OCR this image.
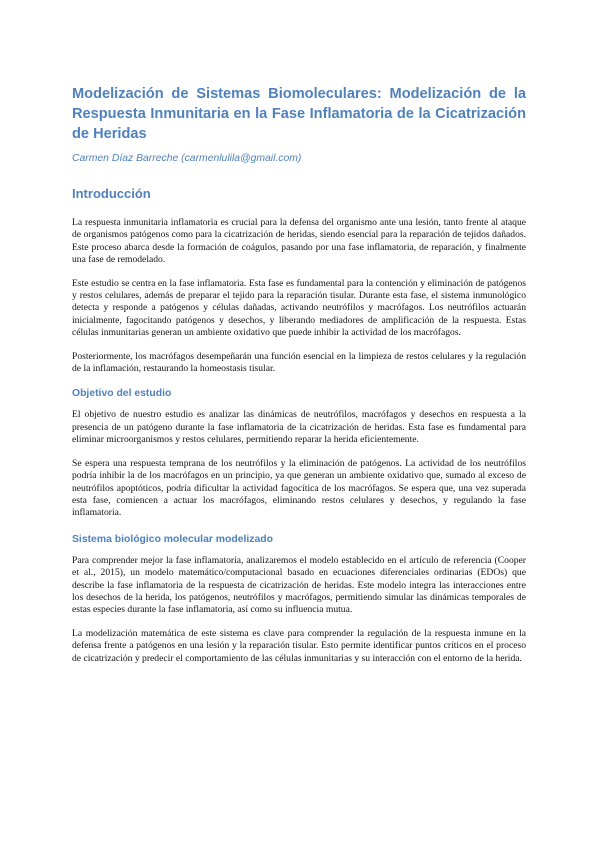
Modelización de Sistemas Biomoleculares: Modelización de la Respuesta Inmunitaria en la Fase Inflamatoria de la Cicatrización de Heridas
Carmen Díaz Barreche (carmenlulila@gmail.com)
Introducción

La respuesta inmunitaria inflamatoria es crucial para la defensa del organismo ante una lesión, tanto frente al ataque de organismos patógenos como para la cicatrización de heridas, siendo esencial para la reparación de tejidos dañados. Este proceso abarca desde la formación de coágulos, pasando por una fase inflamatoria, de reparación, y finalmente una fase de remodelado.

Este estudio se centra en la fase inflamatoria. Esta fase es fundamental para la contención y eliminación de patógenos y restos celulares, además de preparar el tejido para la reparación tisular. Durante esta fase, el sistema inmunológico detecta y responde a patógenos y células dañadas, activando neutrófilos y macrófagos. Los neutrófilos actuarán inicialmente, fagocitando patógenos y desechos, y liberando mediadores de amplificación de la respuesta. Estas células inmunitarias generan un ambiente oxidativo que puede inhibir la actividad de los macrófagos.

Posteriormente, los macrófagos desempeñarán una función esencial en la limpieza de restos celulares y la regulación de la inflamación, restaurando la homeostasis tisular.

Objetivo del estudio

El objetivo de nuestro estudio es analizar las dinámicas de neutrófilos, macrófagos y desechos en respuesta a la presencia de un patógeno durante la fase inflamatoria de la cicatrización de heridas. Esta fase es fundamental para eliminar microorganismos y restos celulares, permitiendo reparar la herida eficientemente.

Se espera una respuesta temprana de los neutrófilos y la eliminación de patógenos. La actividad de los neutrófilos podría inhibir la de los macrófagos en un principio, ya que generan un ambiente oxidativo que, sumado al exceso de neutrófilos apoptóticos, podría dificultar la actividad fagocítica de los macrófagos. Se espera que, una vez superada esta fase, comiencen a actuar los macrófagos, eliminando restos celulares y desechos, y regulando la fase inflamatoria.

Sistema biológico molecular modelizado

Para comprender mejor la fase inflamatoria, analizaremos el modelo establecido en el artículo de referencia (Cooper et al., 2015), un modelo matemático/computacional basado en ecuaciones diferenciales ordinarias (EDOs) que describe la fase inflamatoria de la respuesta de cicatrización de heridas. Este modelo integra las interacciones entre los desechos de la herida, los patógenos, neutrófilos y macrófagos, permitiendo simular las dinámicas temporales de estas especies durante la fase inflamatoria, así como su influencia mutua.

La modelización matemática de este sistema es clave para comprender la regulación de la respuesta inmune en la defensa frente a patógenos en una lesión y la reparación tisular. Esto permite identificar puntos críticos en el proceso de cicatrización y predecir el comportamiento de las células inmunitarias y su interacción con el entorno de la herida.
